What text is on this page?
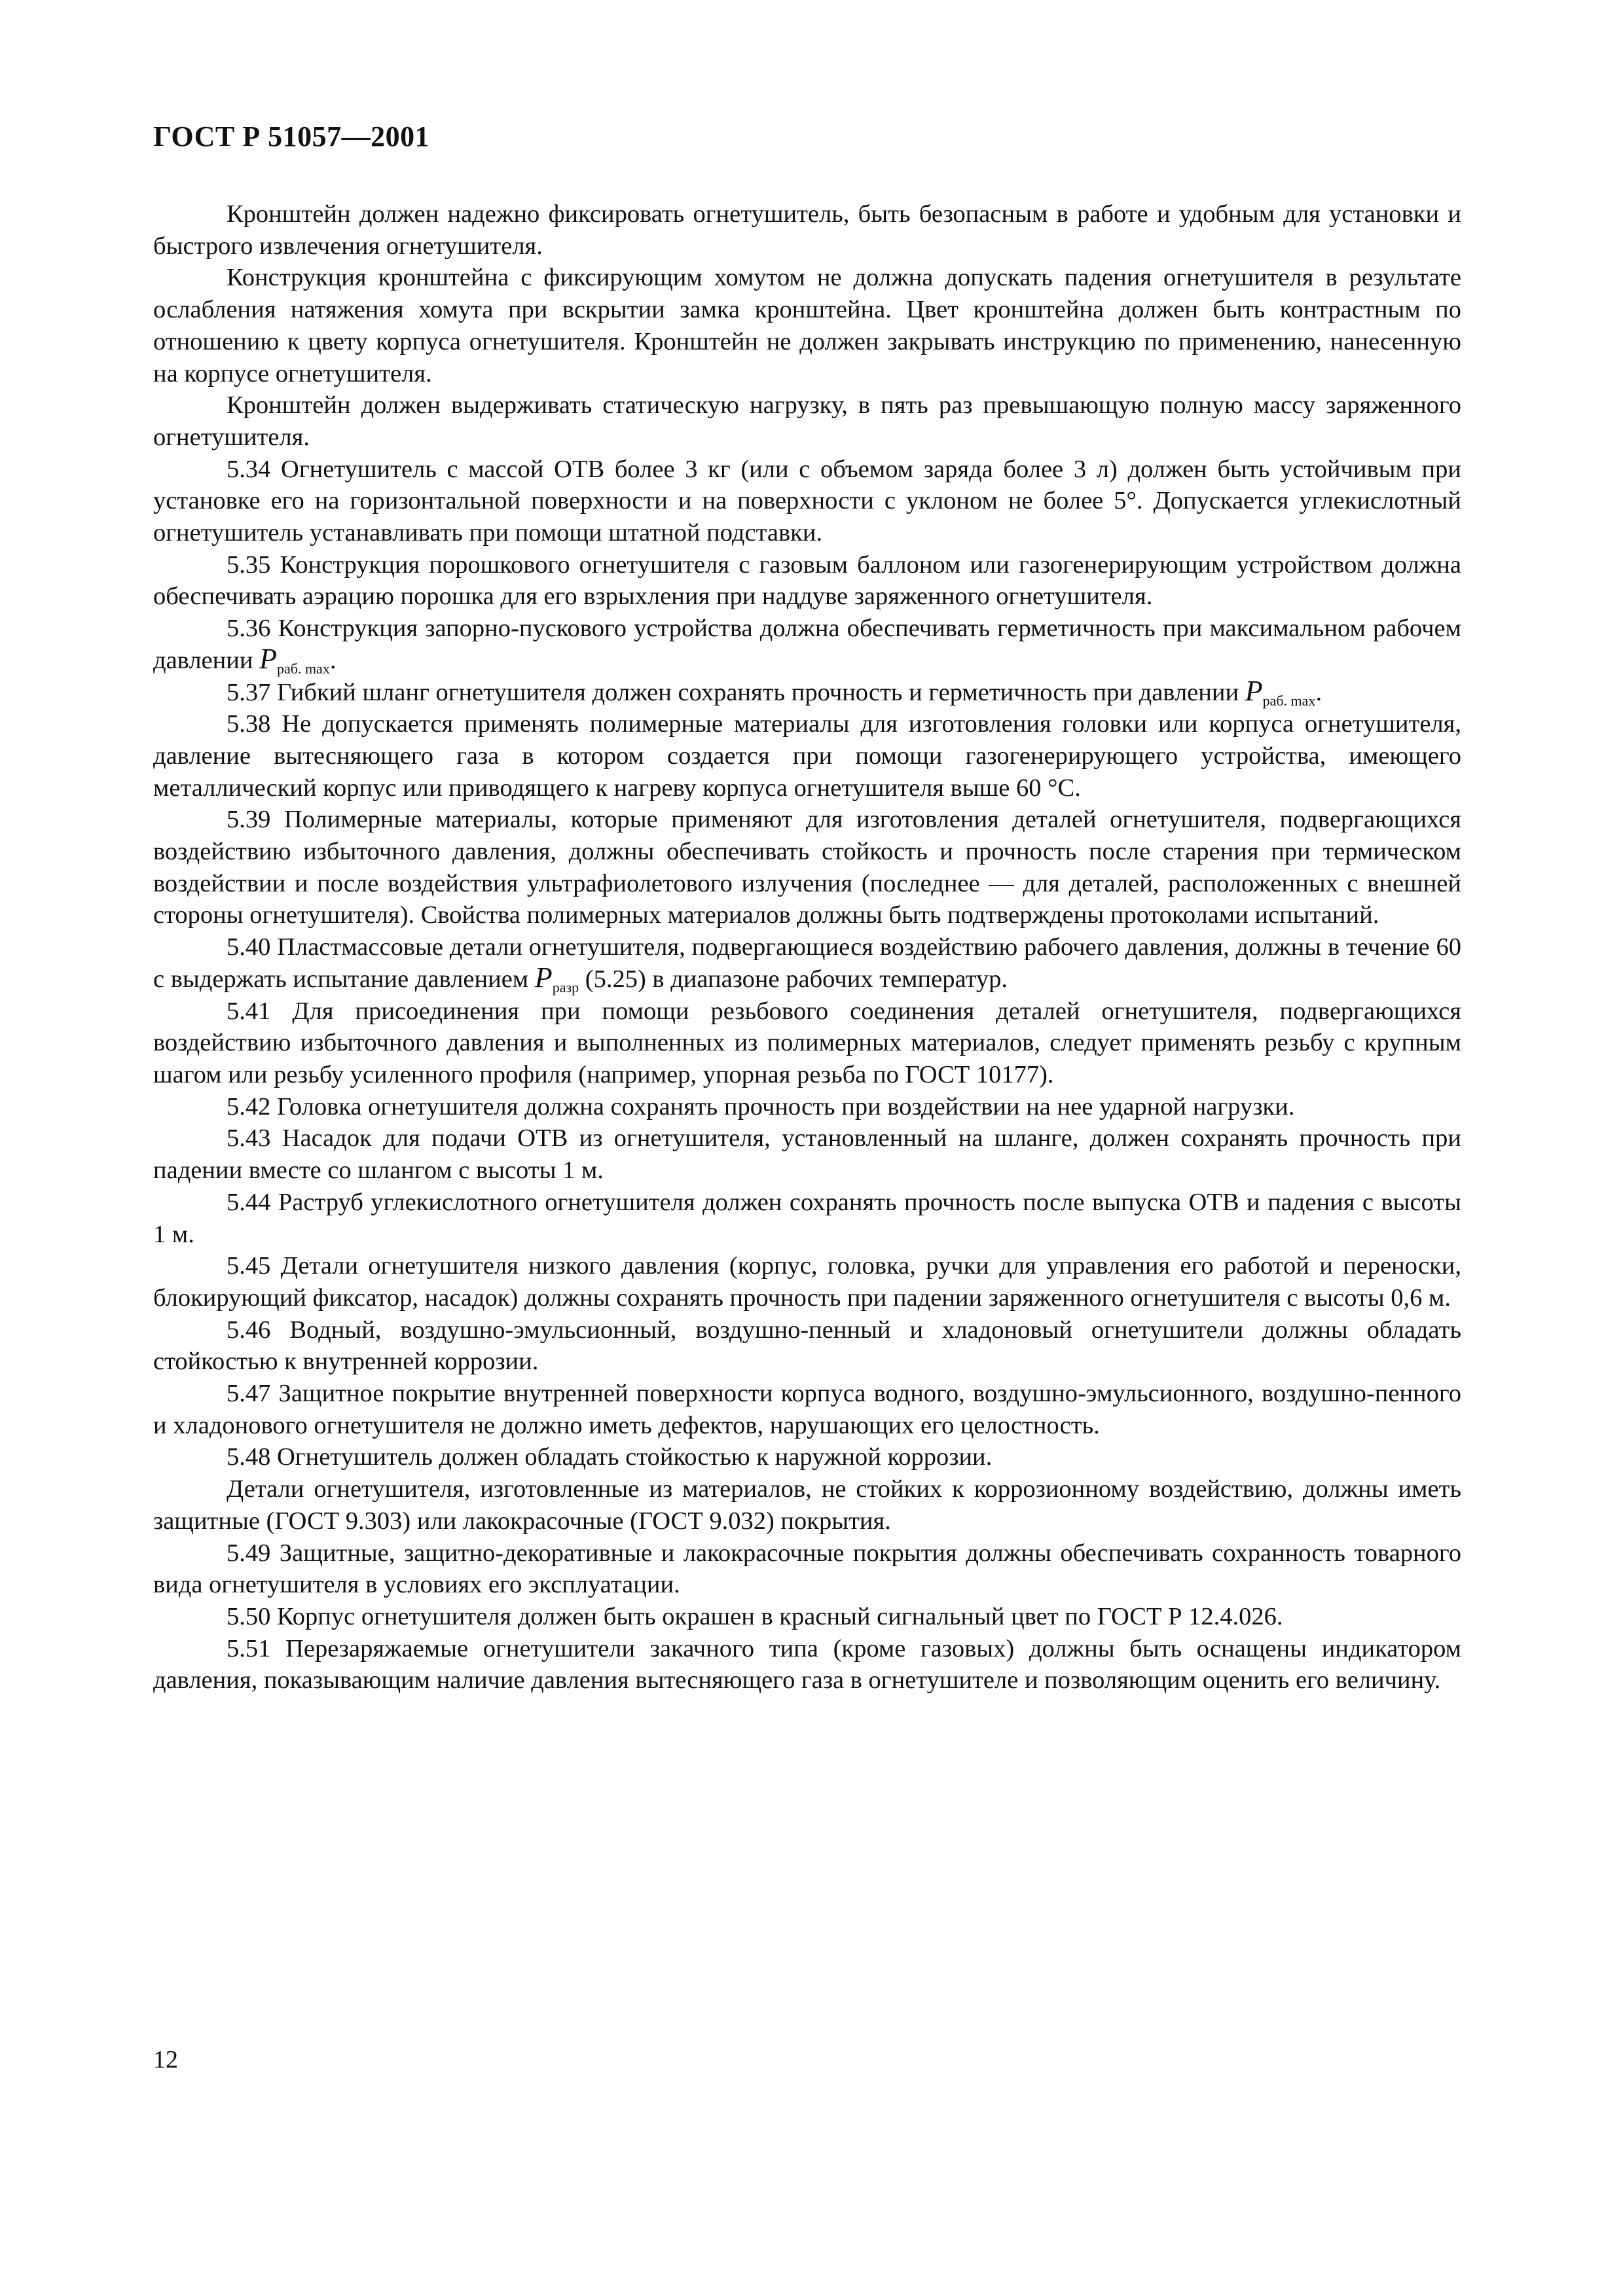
ГОСТ Р 51057—2001

Кронштейн должен надежно фиксировать огнетушитель, быть безопасным в работе и удобным для установки и быстрого извлечения огнетушителя.

Конструкция кронштейна с фиксирующим хомутом не должна допускать падения огнетушителя в результате ослабления натяжения хомута при вскрытии замка кронштейна. Цвет кронштейна должен быть контрастным по отношению к цвету корпуса огнетушителя. Кронштейн не должен закрывать инструкцию по применению, нанесенную на корпусе огнетушителя.

Кронштейн должен выдерживать статическую нагрузку, в пять раз превышающую полную массу заряженного огнетушителя.

5.34 Огнетушитель с массой ОТВ более 3 кг (или с объемом заряда более 3 л) должен быть устойчивым при установке его на горизонтальной поверхности и на поверхности с уклоном не более 5°. Допускается углекислотный огнетушитель устанавливать при помощи штатной подставки.

5.35 Конструкция порошкового огнетушителя с газовым баллоном или газогенерирующим устройством должна обеспечивать аэрацию порошка для его взрыхления при наддуве заряженного огнетушителя.

5.36 Конструкция запорно-пускового устройства должна обеспечивать герметичность при максимальном рабочем давлении $P_{раб. max}$.

5.37 Гибкий шланг огнетушителя должен сохранять прочность и герметичность при давлении $P_{раб. max}$.

5.38 Не допускается применять полимерные материалы для изготовления головки или корпуса огнетушителя, давление вытесняющего газа в котором создается при помощи газогенерирующего устройства, имеющего металлический корпус или приводящего к нагреву корпуса огнетушителя выше 60 °С.

5.39 Полимерные материалы, которые применяют для изготовления деталей огнетушителя, подвергающихся воздействию избыточного давления, должны обеспечивать стойкость и прочность после старения при термическом воздействии и после воздействия ультрафиолетового излучения (последнее — для деталей, расположенных с внешней стороны огнетушителя). Свойства полимерных материалов должны быть подтверждены протоколами испытаний.

5.40 Пластмассовые детали огнетушителя, подвергающиеся воздействию рабочего давления, должны в течение 60 с выдержать испытание давлением $P_{разр}$ (5.25) в диапазоне рабочих температур.

5.41 Для присоединения при помощи резьбового соединения деталей огнетушителя, подвергающихся воздействию избыточного давления и выполненных из полимерных материалов, следует применять резьбу с крупным шагом или резьбу усиленного профиля (например, упорная резьба по ГОСТ 10177).

5.42 Головка огнетушителя должна сохранять прочность при воздействии на нее ударной нагрузки.

5.43 Насадок для подачи ОТВ из огнетушителя, установленный на шланге, должен сохранять прочность при падении вместе со шлангом с высоты 1 м.

5.44 Раструб углекислотного огнетушителя должен сохранять прочность после выпуска ОТВ и падения с высоты 1 м.

5.45 Детали огнетушителя низкого давления (корпус, головка, ручки для управления его работой и переноски, блокирующий фиксатор, насадок) должны сохранять прочность при падении заряженного огнетушителя с высоты 0,6 м.

5.46 Водный, воздушно-эмульсионный, воздушно-пенный и хладоновый огнетушители должны обладать стойкостью к внутренней коррозии.

5.47 Защитное покрытие внутренней поверхности корпуса водного, воздушно-эмульсионного, воздушно-пенного и хладонового огнетушителя не должно иметь дефектов, нарушающих его целостность.

5.48 Огнетушитель должен обладать стойкостью к наружной коррозии.

Детали огнетушителя, изготовленные из материалов, не стойких к коррозионному воздействию, должны иметь защитные (ГОСТ 9.303) или лакокрасочные (ГОСТ 9.032) покрытия.

5.49 Защитные, защитно-декоративные и лакокрасочные покрытия должны обеспечивать сохранность товарного вида огнетушителя в условиях его эксплуатации.

5.50 Корпус огнетушителя должен быть окрашен в красный сигнальный цвет по ГОСТ Р 12.4.026.

5.51 Перезаряжаемые огнетушители закачного типа (кроме газовых) должны быть оснащены индикатором давления, показывающим наличие давления вытесняющего газа в огнетушителе и позволяющим оценить его величину.

12
